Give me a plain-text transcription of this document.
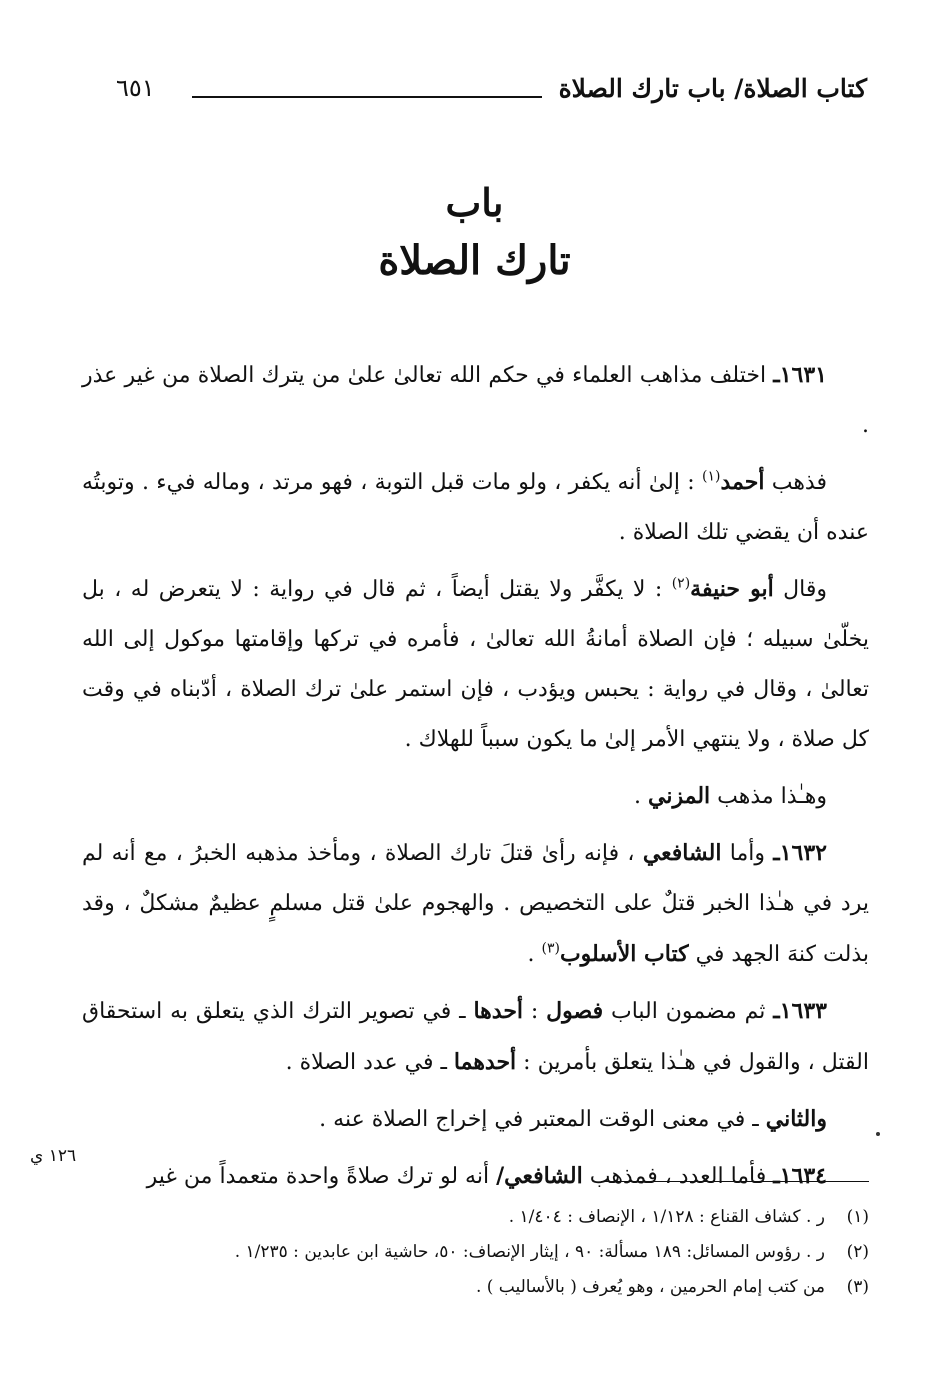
كتاب الصلاة/ باب تارك الصلاة
٦٥١
باب
تارك الصلاة

١٦٣١ـ اختلف مذاهب العلماء في حكم الله تعالىٰ علىٰ من يترك الصلاة من غير عذر .

فذهب أحمد$^{(١)}$ : إلىٰ أنه يكفر ، ولو مات قبل التوبة ، فهو مرتد ، وماله فيء . وتوبتُه عنده أن يقضي تلك الصلاة .

وقال أبو حنيفة$^{(٢)}$ : لا يكفَّر ولا يقتل أيضاً ، ثم قال في رواية : لا يتعرض له ، بل يخلّىٰ سبيله ؛ فإن الصلاة أمانةُ الله تعالىٰ ، فأمره في تركها وإقامتها موكول إلى الله تعالىٰ ، وقال في رواية : يحبس ويؤدب ، فإن استمر علىٰ ترك الصلاة ، أدّبناه في وقت كل صلاة ، ولا ينتهي الأمر إلىٰ ما يكون سبباً للهلاك .

وهـٰذا مذهب المزني .

١٦٣٢ـ وأما الشافعي ، فإنه رأىٰ قتلَ تارك الصلاة ، ومأخذ مذهبه الخبرُ ، مع أنه لم يرد في هـٰذا الخبر قتلٌ على التخصيص . والهجوم علىٰ قتل مسلمٍ عظيمٌ مشكلٌ ، وقد بذلت كنهَ الجهد في كتاب الأسلوب$^{(٣)}$ .

١٦٣٣ـ ثم مضمون الباب فصول : أحدها ـ في تصوير الترك الذي يتعلق به استحقاق القتل ، والقول في هـٰذا يتعلق بأمرين : أحدهما ـ في عدد الصلاة .

والثاني ـ في معنى الوقت المعتبر في إخراج الصلاة عنه .

١٦٣٤ـ فأما العدد ، فمذهب الشافعي/ أنه لو ترك صلاةً واحدة متعمداً من غير

١٢٦ ي
(١)ر . كشاف القناع : ١/١٢٨ ، الإنصاف : ١/٤٠٤ .
(٢)ر . رؤوس المسائل: ١٨٩ مسألة: ٩٠ ، إيثار الإنصاف: ٥٠، حاشية ابن عابدين : ١/٢٣٥ .
(٣)من كتب إمام الحرمين ، وهو يُعرف ( بالأساليب ) .
